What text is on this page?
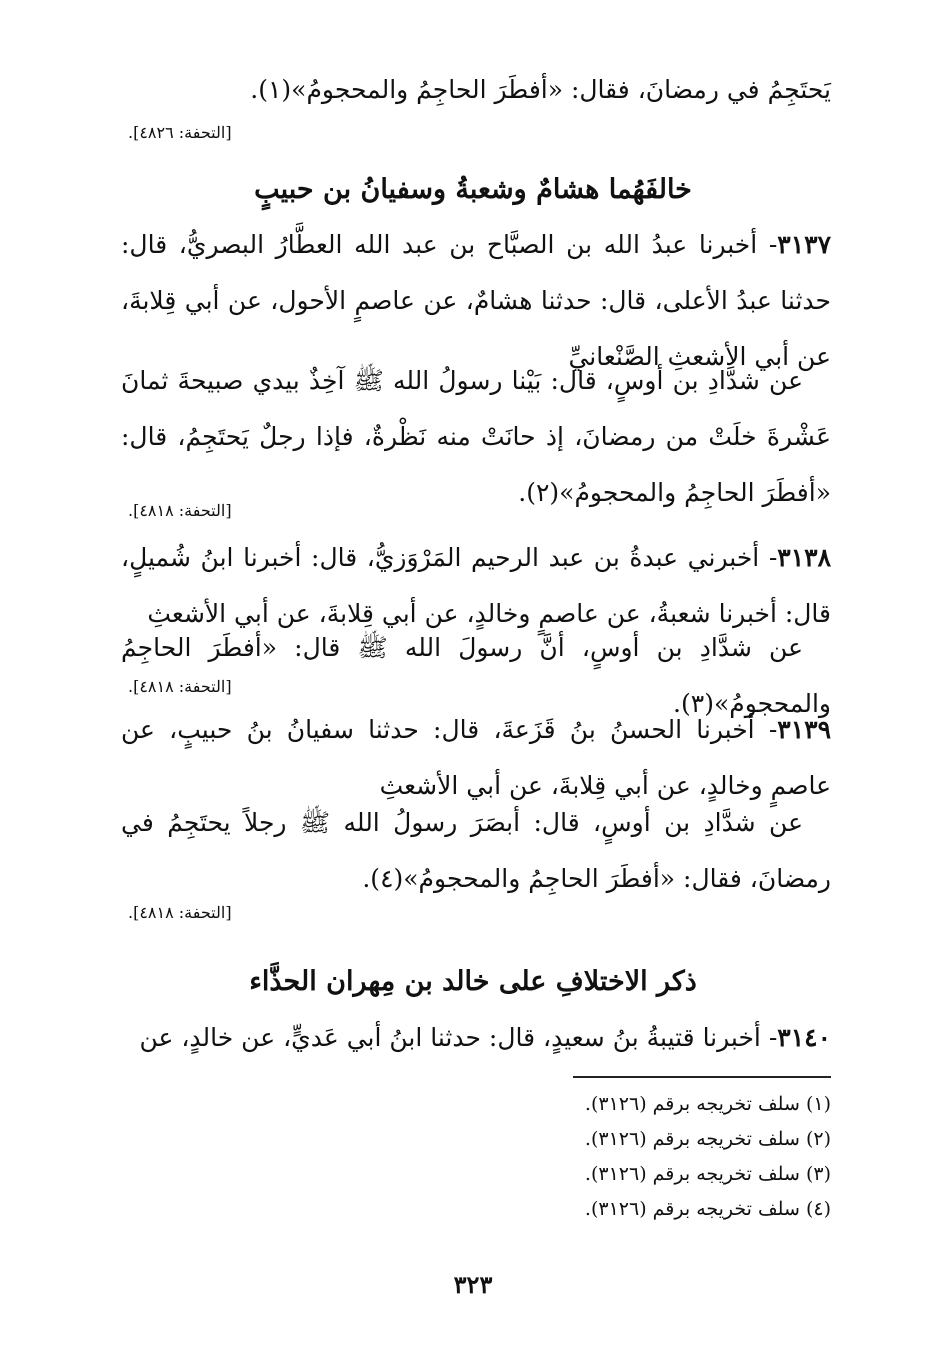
يَحتَجِمُ في رمضانَ، فقال: «أفطَرَ الحاجِمُ والمحجومُ»(١).

[التحفة: ٤٨٢٦].
خالفَهُما هشامٌ وشعبةُ وسفيانُ بن حبيبٍ

٣١٣٧- أخبرنا عبدُ الله بن الصبَّاح بن عبد الله العطَّارُ البصريُّ، قال: حدثنا عبدُ الأعلى، قال: حدثنا هشامٌ، عن عاصمٍ الأحول، عن أبي قِلابةَ، عن أبي الأشعثِ الصَّنْعانيِّ

عن شدَّادِ بن أوسٍ، قال: بَيْنا رسولُ الله ﷺ آخِذٌ بيدي صبيحةَ ثمانَ عَشْرةَ خلَتْ من رمضانَ، إذ حانَتْ منه نَظْرةٌ، فإذا رجلٌ يَحتَجِمُ، قال: «أفطَرَ الحاجِمُ والمحجومُ»(٢).

[التحفة: ٤٨١٨].

٣١٣٨- أخبرني عبدةُ بن عبد الرحيم المَرْوَزيُّ، قال: أخبرنا ابنُ شُميلٍ، قال: أخبرنا شعبةُ، عن عاصمٍ وخالدٍ، عن أبي قِلابةَ، عن أبي الأشعثِ

عن شدَّادِ بن أوسٍ، أنَّ رسولَ الله ﷺ قال: «أفطَرَ الحاجِمُ والمحجومُ»(٣).

[التحفة: ٤٨١٨].

٣١٣٩- أخبرنا الحسنُ بنُ قَزَعةَ، قال: حدثنا سفيانُ بنُ حبيبٍ، عن عاصمٍ وخالدٍ، عن أبي قِلابةَ، عن أبي الأشعثِ

عن شدَّادِ بن أوسٍ، قال: أبصَرَ رسولُ الله ﷺ رجلاً يحتَجِمُ في رمضانَ، فقال: «أفطَرَ الحاجِمُ والمحجومُ»(٤).

[التحفة: ٤٨١٨].
ذكر الاختلافِ على خالد بن مِهران الحذَّاء

٣١٤٠- أخبرنا قتيبةُ بنُ سعيدٍ، قال: حدثنا ابنُ أبي عَديٍّ، عن خالدٍ، عن

(١) سلف تخريجه برقم (٣١٢٦).
(٢) سلف تخريجه برقم (٣١٢٦).
(٣) سلف تخريجه برقم (٣١٢٦).
(٤) سلف تخريجه برقم (٣١٢٦).
٣٢٣
